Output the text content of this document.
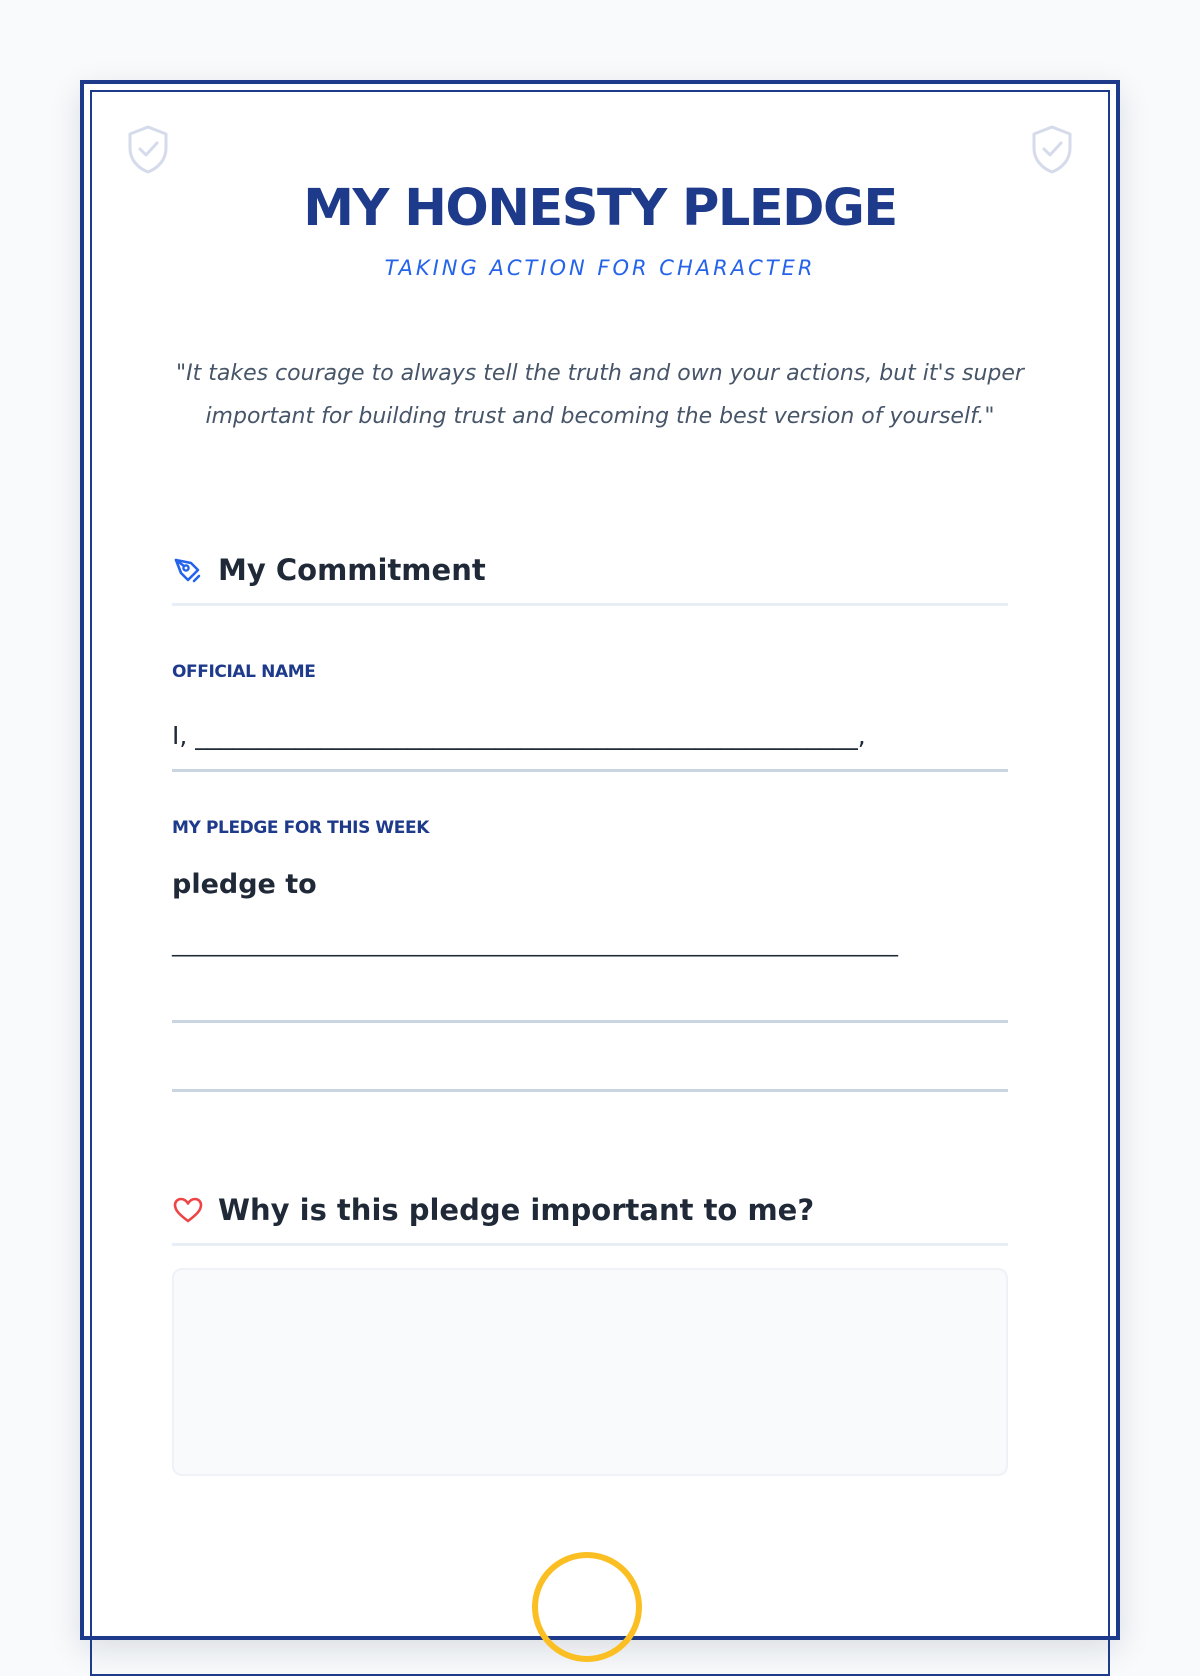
MY HONESTY PLEDGE
TAKING ACTION FOR CHARACTER
"It takes courage to always tell the truth and own your actions, but it's super important for building trust and becoming the best version of yourself."
My Commitment
OFFICIAL NAME
I, _____________________________________________________,
MY PLEDGE FOR THIS WEEK
pledge to
__________________________________________________________________
Why is this pledge important to me?
